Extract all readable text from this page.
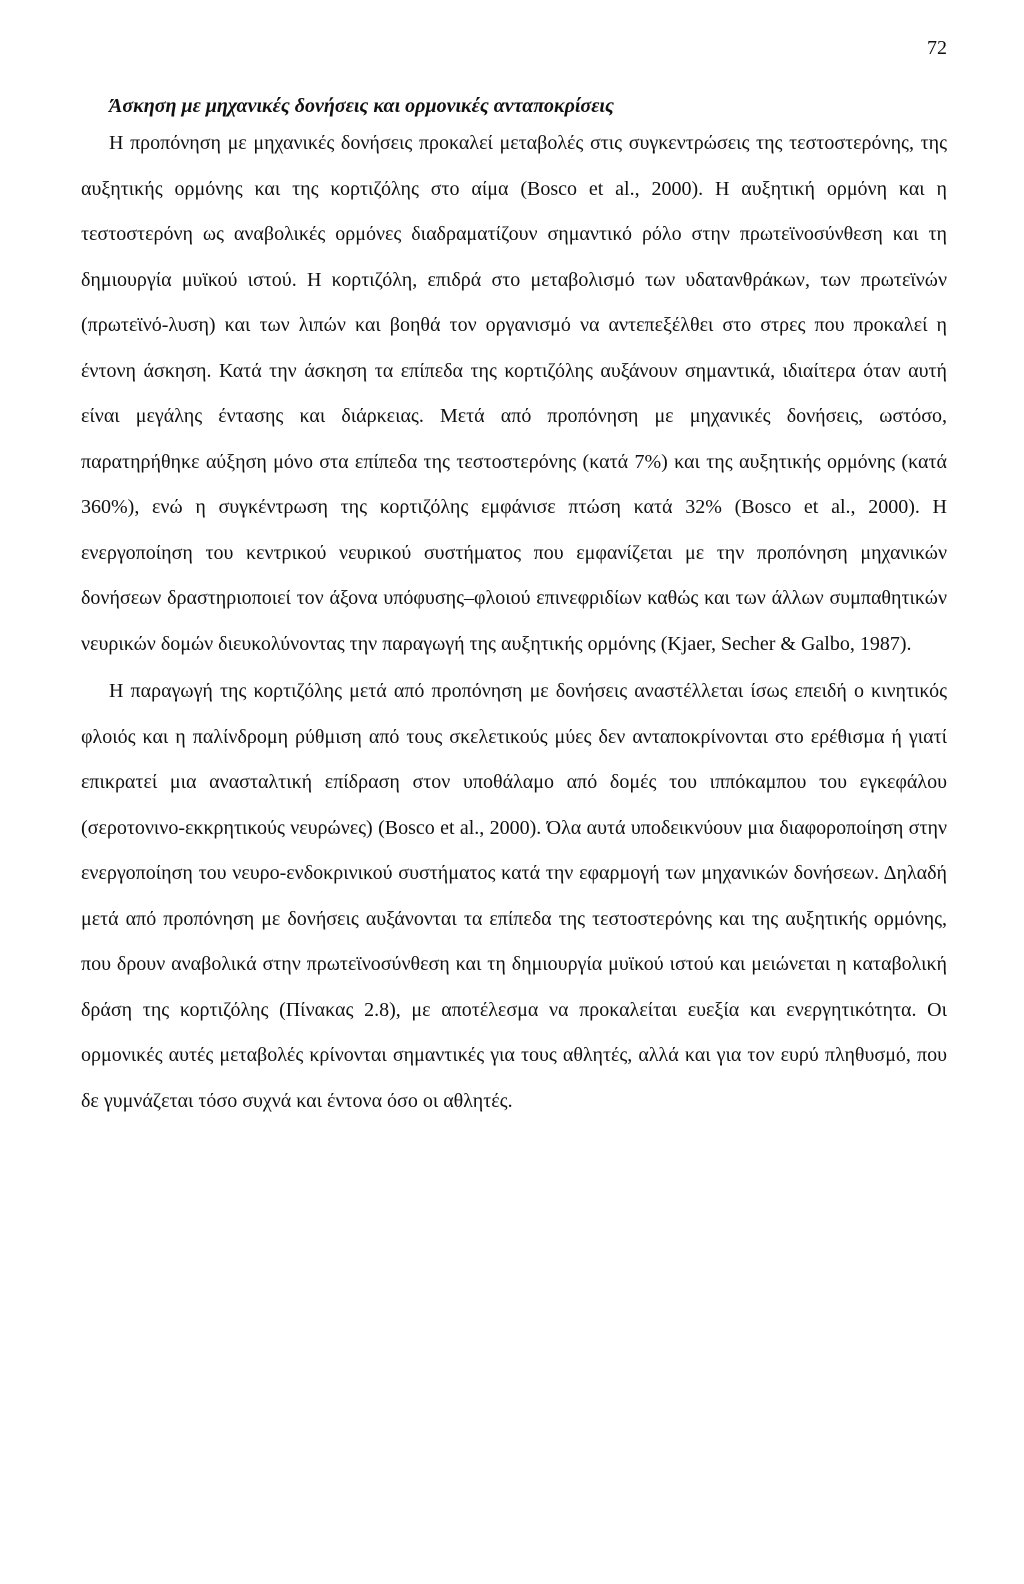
72
Άσκηση με μηχανικές δονήσεις και ορμονικές ανταποκρίσεις

Η προπόνηση με μηχανικές δονήσεις προκαλεί μεταβολές στις συγκεντρώσεις της τεστοστερόνης, της αυξητικής ορμόνης και της κορτιζόλης στο αίμα (Bosco et al., 2000). Η αυξητική ορμόνη και η τεστοστερόνη ως αναβολικές ορμόνες διαδραματίζουν σημαντικό ρόλο στην πρωτεϊνοσύνθεση και τη δημιουργία μυϊκού ιστού. Η κορτιζόλη, επιδρά στο μεταβολισμό των υδατανθράκων, των πρωτεϊνών (πρωτεϊνό-λυση) και των λιπών και βοηθά τον οργανισμό να αντεπεξέλθει στο στρες που προκαλεί η έντονη άσκηση. Κατά την άσκηση τα επίπεδα της κορτιζόλης αυξάνουν σημαντικά, ιδιαίτερα όταν αυτή είναι μεγάλης έντασης και διάρκειας. Μετά από προπόνηση με μηχανικές δονήσεις, ωστόσο, παρατηρήθηκε αύξηση μόνο στα επίπεδα της τεστοστερόνης (κατά 7%) και της αυξητικής ορμόνης (κατά 360%), ενώ η συγκέντρωση της κορτιζόλης εμφάνισε πτώση κατά 32% (Bosco et al., 2000). Η ενεργοποίηση του κεντρικού νευρικού συστήματος που εμφανίζεται με την προπόνηση μηχανικών δονήσεων δραστηριοποιεί τον άξονα υπόφυσης–φλοιού επινεφριδίων καθώς και των άλλων συμπαθητικών νευρικών δομών διευκολύνοντας την παραγωγή της αυξητικής ορμόνης (Kjaer, Secher & Galbo, 1987).

Η παραγωγή της κορτιζόλης μετά από προπόνηση με δονήσεις αναστέλλεται ίσως επειδή ο κινητικός φλοιός και η παλίνδρομη ρύθμιση από τους σκελετικούς μύες δεν ανταποκρίνονται στο ερέθισμα ή γιατί επικρατεί μια ανασταλτική επίδραση στον υποθάλαμο από δομές του ιππόκαμπου του εγκεφάλου (σεροτονινο-εκκρητικούς νευρώνες) (Bosco et al., 2000). Όλα αυτά υποδεικνύουν μια διαφοροποίηση στην ενεργοποίηση του νευρο-ενδοκρινικού συστήματος κατά την εφαρμογή των μηχανικών δονήσεων. Δηλαδή μετά από προπόνηση με δονήσεις αυξάνονται τα επίπεδα της τεστοστερόνης και της αυξητικής ορμόνης, που δρουν αναβολικά στην πρωτεϊνοσύνθεση και τη δημιουργία μυϊκού ιστού και μειώνεται η καταβολική δράση της κορτιζόλης (Πίνακας 2.8), με αποτέλεσμα να προκαλείται ευεξία και ενεργητικότητα. Οι ορμονικές αυτές μεταβολές κρίνονται σημαντικές για τους αθλητές, αλλά και για τον ευρύ πληθυσμό, που δε γυμνάζεται τόσο συχνά και έντονα όσο οι αθλητές.
